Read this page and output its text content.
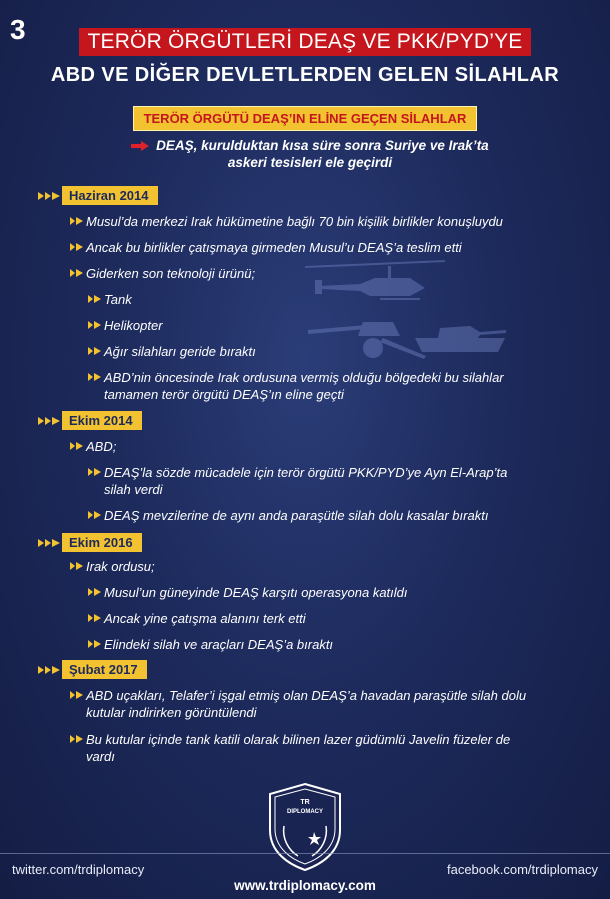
3	TERÖR ÖRGÜTLERİ DEAŞ VE PKK/PYD’YE
ABD VE DİĞER DEVLETLERDEN GELEN SİLAHLAR
TERÖR ÖRGÜTÜ DEAŞ’IN ELİNE GEÇEN SİLAHLAR
DEAŞ, kurulduktan kısa süre sonra Suriye ve Irak’ta
askeri tesisleri ele geçirdi
Haziran 2014
Musul’da merkezi Irak hükümetine bağlı 70 bin kişilik birlikler konuşluydu
Ancak bu birlikler çatışmaya girmeden Musul’u DEAŞ’a teslim etti
Giderken son teknoloji ürünü;
Tank
Helikopter
Ağır silahları geride bıraktı
ABD’nin öncesinde Irak ordusuna vermiş olduğu bölgedeki bu silahlar
tamamen terör örgütü DEAŞ’ın eline geçti
Ekim 2014
ABD;
DEAŞ’la sözde mücadele için terör örgütü PKK/PYD’ye Ayn El-Arap’ta
silah verdi
DEAŞ mevzilerine de aynı anda paraşütle silah dolu kasalar bıraktı
Ekim 2016
Irak ordusu;
Musul’un güneyinde DEAŞ karşıtı operasyona katıldı
Ancak yine çatışma alanını terk etti
Elindeki silah ve araçları DEAŞ’a bıraktı
Şubat 2017
ABD uçakları, Telafer’i işgal etmiş olan DEAŞ’a havadan paraşütle silah dolu
kutular indirirken görüntülendi
Bu kutular içinde tank katili olarak bilinen lazer güdümlü Javelin füzeler de
vardı
TR
DIPLOMACY
twitter.com/trdiplomacy	facebook.com/trdiplomacy
www.trdiplomacy.com
